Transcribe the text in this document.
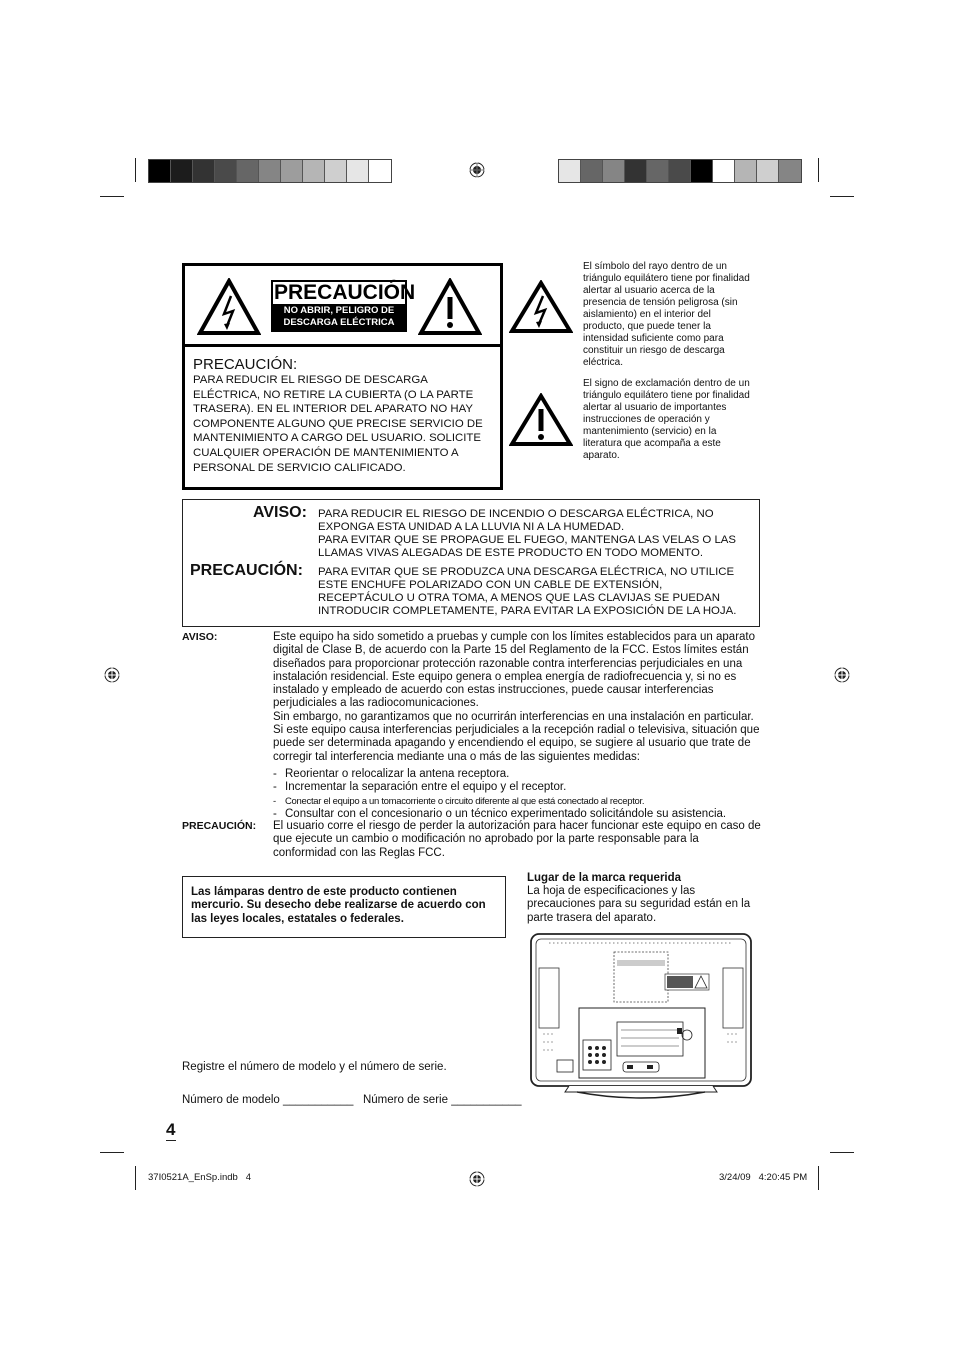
PRECAUCIÓN
NO ABRIR, PELIGRO DE
DESCARGA ELÉCTRICA
PRECAUCIÓN:
PARA REDUCIR EL RIESGO DE DESCARGA ELÉCTRICA, NO RETIRE LA CUBIERTA (O LA PARTE TRASERA). EN EL INTERIOR DEL APARATO NO HAY COMPONENTE ALGUNO QUE PRECISE SERVICIO DE MANTENIMIENTO A CARGO DEL USUARIO. SOLICITE CUALQUIER OPERACIÓN DE MANTENIMIENTO A PERSONAL DE SERVICIO CALIFICADO.
El símbolo del rayo dentro de un triángulo equilátero tiene por finalidad alertar al usuario acerca de la presencia de tensión peligrosa (sin aislamiento) en el interior del producto, que puede tener la intensidad suficiente como para constituir un riesgo de descarga eléctrica.
El signo de exclamación dentro de un triángulo equilátero tiene por finalidad alertar al usuario de importantes instrucciones de operación y mantenimiento (servicio) en la literatura que acompaña a este aparato.
AVISO: PARA REDUCIR EL RIESGO DE INCENDIO O DESCARGA ELÉCTRICA, NO
EXPONGA ESTA UNIDAD A LA LLUVIA NI A LA HUMEDAD.
PARA EVITAR QUE SE PROPAGUE EL FUEGO, MANTENGA LAS VELAS O LAS
LLAMAS VIVAS ALEGADAS DE ESTE PRODUCTO EN TODO MOMENTO.
PRECAUCIÓN: PARA EVITAR QUE SE PRODUZCA UNA DESCARGA ELÉCTRICA, NO UTILICE
ESTE ENCHUFE POLARIZADO CON UN CABLE DE EXTENSIÓN,
RECEPTÁCULO U OTRA TOMA, A MENOS QUE LAS CLAVIJAS SE PUEDAN
INTRODUCIR COMPLETAMENTE, PARA EVITAR LA EXPOSICIÓN DE LA HOJA.
AVISO:	Este equipo ha sido sometido a pruebas y cumple con los límites establecidos para un aparato digital de Clase B, de acuerdo con la Parte 15 del Reglamento de la FCC. Estos límites están diseñados para proporcionar protección razonable contra interferencias perjudiciales en una instalación residencial. Este equipo genera o emplea energía de radiofrecuencia y, si no es instalado y empleado de acuerdo con estas instrucciones, puede causar interferencias perjudiciales a las radiocomunicaciones.
Sin embargo, no garantizamos que no ocurrirán interferencias en una instalación en particular. Si este equipo causa interferencias perjudiciales a la recepción radial o televisiva, situación que puede ser determinada apagando y encendiendo el equipo, se sugiere al usuario que trate de corregir tal interferencia mediante una o más de las siguientes medidas:
- Reorientar o relocalizar la antena receptora.
- Incrementar la separación entre el equipo y el receptor.
- Conectar el equipo a un tomacorriente o circuito diferente al que está conectado al receptor.
- Consultar con el concesionario o un técnico experimentado solicitándole su asistencia.
PRECAUCIÓN: El usuario corre el riesgo de perder la autorización para hacer funcionar este equipo en caso de que ejecute un cambio o modificación no aprobado por la parte responsable para la conformidad con las Reglas FCC.
Las lámparas dentro de este producto contienen mercurio. Su desecho debe realizarse de acuerdo con las leyes locales, estatales o federales.
Lugar de la marca requerida
La hoja de especificaciones y las precauciones para su seguridad están en la parte trasera del aparato.
Registre el número de modelo y el número de serie.
Número de modelo ___________ Número de serie ___________
4
37I0521A_EnSp.indb   4	3/24/09   4:20:45 PM
